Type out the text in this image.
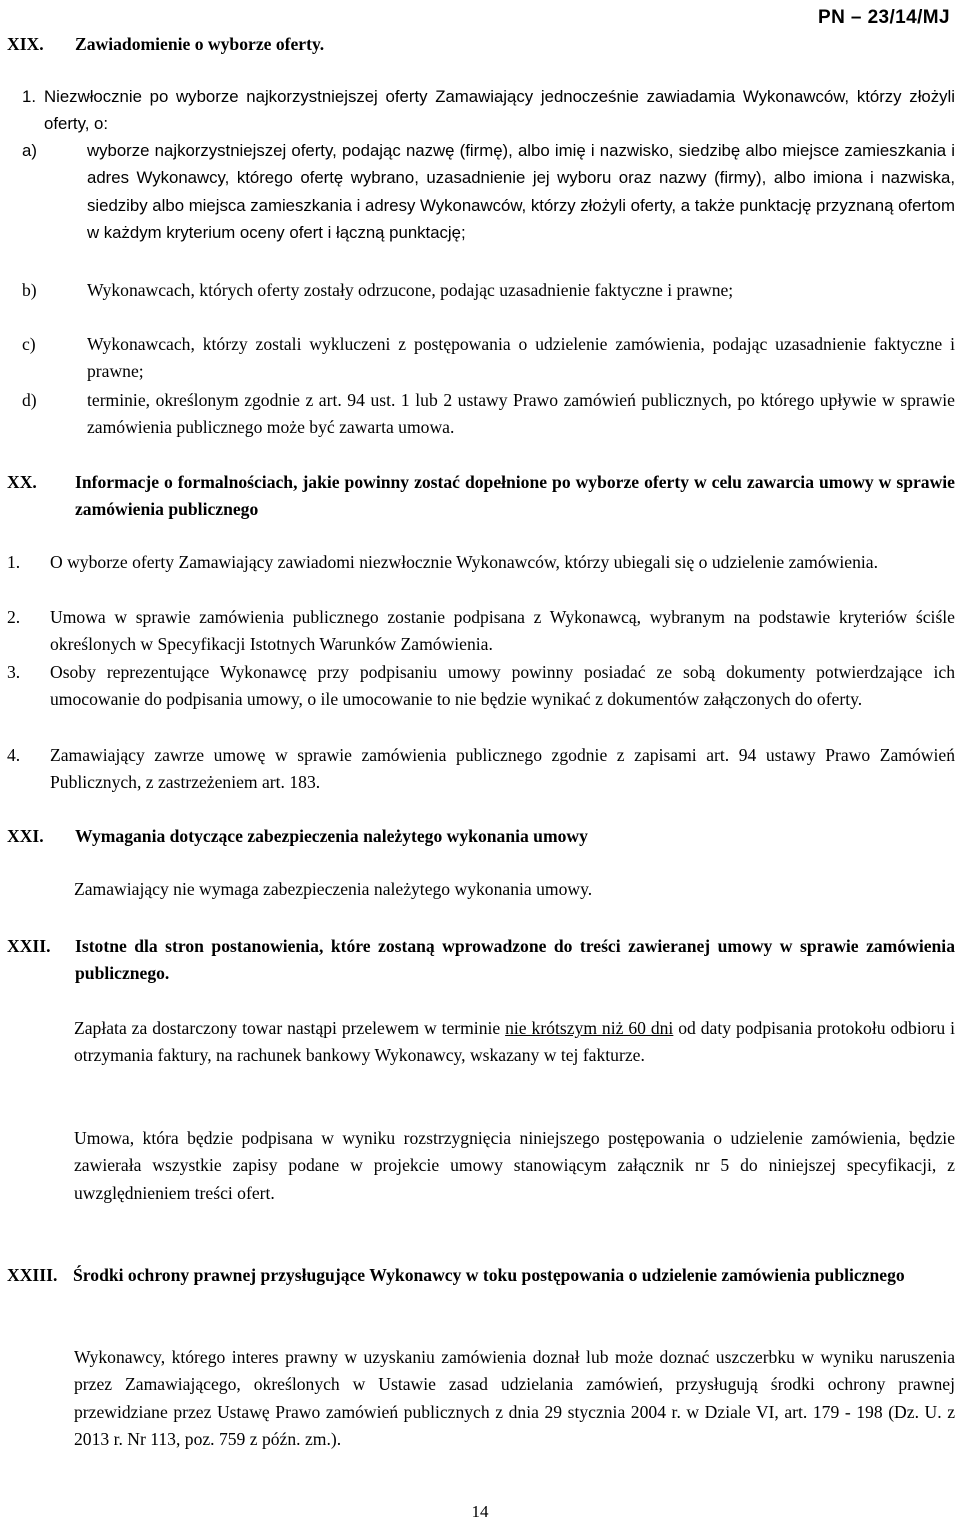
XIX. Zawiadomienie o wyborze oferty.
PN – 23/14/MJ
1. Niezwłocznie po wyborze najkorzystniejszej oferty Zamawiający jednocześnie zawiadamia Wykonawców, którzy złożyli oferty, o:
a)	wyborze najkorzystniejszej oferty, podając nazwę (firmę), albo imię i nazwisko, siedzibę albo miejsce zamieszkania i adres Wykonawcy, którego ofertę wybrano, uzasadnienie jej wyboru oraz nazwy (firmy), albo imiona i nazwiska, siedziby albo miejsca zamieszkania i adresy Wykonawców, którzy złożyli oferty, a także punktację przyznaną ofertom w każdym kryterium oceny ofert i łączną punktację;
b)	Wykonawcach, których oferty zostały odrzucone, podając uzasadnienie faktyczne i prawne;
c)	Wykonawcach, którzy zostali wykluczeni z postępowania o udzielenie zamówienia, podając uzasadnienie faktyczne i prawne;
d)	terminie, określonym zgodnie z art. 94 ust. 1 lub 2 ustawy Prawo zamówień publicznych, po którego upływie w sprawie zamówienia publicznego może być zawarta umowa.
XX. Informacje o formalnościach, jakie powinny zostać dopełnione po wyborze oferty w celu zawarcia umowy w sprawie zamówienia publicznego
1. O wyborze oferty Zamawiający zawiadomi niezwłocznie Wykonawców, którzy ubiegali się o udzielenie zamówienia.
2. Umowa w sprawie zamówienia publicznego zostanie podpisana z Wykonawcą, wybranym na podstawie kryteriów ściśle określonych w Specyfikacji Istotnych Warunków Zamówienia.
3. Osoby reprezentujące Wykonawcę przy podpisaniu umowy powinny posiadać ze sobą dokumenty potwierdzające ich umocowanie do podpisania umowy, o ile umocowanie to nie będzie wynikać z dokumentów załączonych do oferty.
4. Zamawiający zawrze umowę w sprawie zamówienia publicznego zgodnie z zapisami art. 94 ustawy Prawo Zamówień Publicznych, z zastrzeżeniem art. 183.
XXI. Wymagania dotyczące zabezpieczenia należytego wykonania umowy
Zamawiający nie wymaga zabezpieczenia należytego wykonania umowy.
XXII. Istotne dla stron postanowienia, które zostaną wprowadzone do treści zawieranej umowy w sprawie zamówienia publicznego.
Zapłata za dostarczony towar nastąpi przelewem w terminie nie krótszym niż 60 dni od daty podpisania protokołu odbioru i otrzymania faktury, na rachunek bankowy Wykonawcy, wskazany w tej fakturze.
Umowa, która będzie podpisana w wyniku rozstrzygnięcia niniejszego postępowania o udzielenie zamówienia, będzie zawierała wszystkie zapisy podane w projekcie umowy stanowiącym załącznik nr 5 do niniejszej specyfikacji, z uwzględnieniem treści ofert.
XXIII. Środki ochrony prawnej przysługujące Wykonawcy w toku postępowania o udzielenie zamówienia publicznego
Wykonawcy, którego interes prawny w uzyskaniu zamówienia doznał lub może doznać uszczerbku w wyniku naruszenia przez Zamawiającego, określonych w Ustawie zasad udzielania zamówień, przysługują środki ochrony prawnej przewidziane przez Ustawę Prawo zamówień publicznych z dnia 29 stycznia 2004 r. w Dziale VI, art. 179 - 198 (Dz. U. z 2013 r. Nr 113, poz. 759 z późn. zm.).
14
